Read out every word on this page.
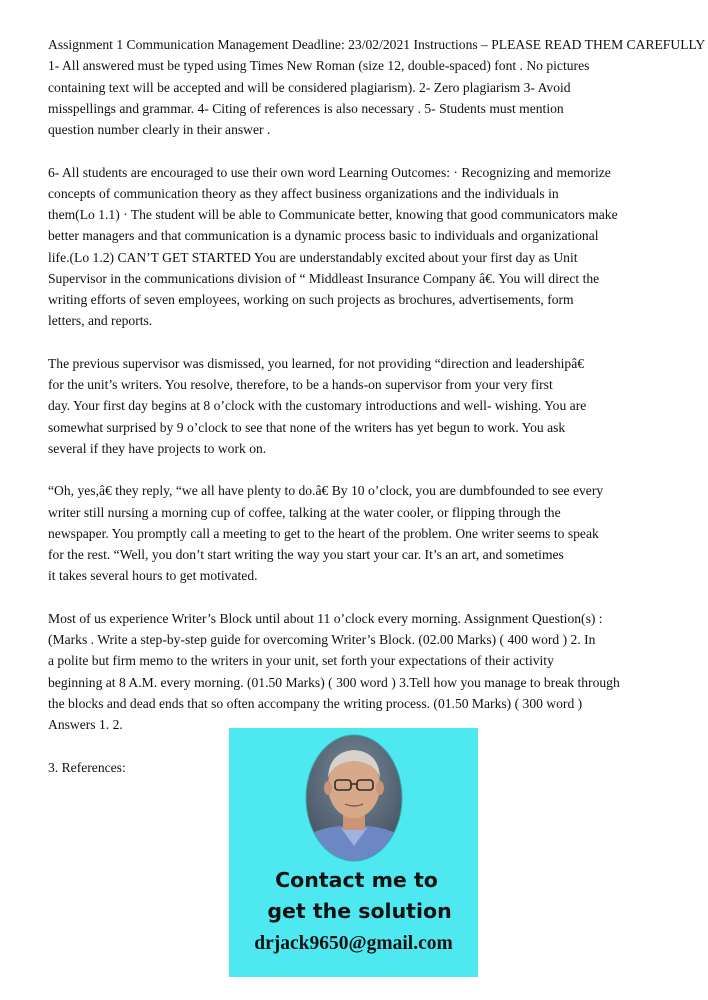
Assignment 1 Communication Management Deadline: 23/02/2021 Instructions – PLEASE READ THEM CAREFULLY
1- All answered must be typed using Times New Roman (size 12, double-spaced) font . No pictures
containing text will be accepted and will be considered plagiarism). 2- Zero plagiarism 3- Avoid
misspellings and grammar. 4- Citing of references is also necessary . 5- Students must mention
question number clearly in their answer .
6- All students are encouraged to use their own word Learning Outcomes: · Recognizing and memorize
concepts of communication theory as they affect business organizations and the individuals in
them(Lo 1.1) · The student will be able to Communicate better, knowing that good communicators make
better managers and that communication is a dynamic process basic to individuals and organizational
life.(Lo 1.2) CAN’T GET STARTED You are understandably excited about your first day as Unit
Supervisor in the communications division of “ Middleast Insurance Company â€. You will direct the
writing efforts of seven employees, working on such projects as brochures, advertisements, form
letters, and reports.
The previous supervisor was dismissed, you learned, for not providing “direction and leadershipâ€
for the unit’s writers. You resolve, therefore, to be a hands-on supervisor from your very first
day. Your first day begins at 8 o’clock with the customary introductions and well- wishing. You are
somewhat surprised by 9 o’clock to see that none of the writers has yet begun to work. You ask
several if they have projects to work on.
“Oh, yes,â€ they reply, “we all have plenty to do.â€ By 10 o’clock, you are dumbfounded to see every
writer still nursing a morning cup of coffee, talking at the water cooler, or flipping through the
newspaper. You promptly call a meeting to get to the heart of the problem. One writer seems to speak
for the rest. “Well, you don’t start writing the way you start your car. It’s an art, and sometimes
it takes several hours to get motivated.
Most of us experience Writer’s Block until about 11 o’clock every morning. Assignment Question(s) :
(Marks . Write a step-by-step guide for overcoming Writer’s Block. (02.00 Marks) ( 400 word ) 2. In
a polite but firm memo to the writers in your unit, set forth your expectations of their activity
beginning at 8 A.M. every morning. (01.50 Marks) ( 300 word ) 3.Tell how you manage to break through
the blocks and dead ends that so often accompany the writing process. (01.50 Marks) ( 300 word )
Answers 1. 2.
3. References:
Contact me to
get the solution
drjack9650@gmail.com
